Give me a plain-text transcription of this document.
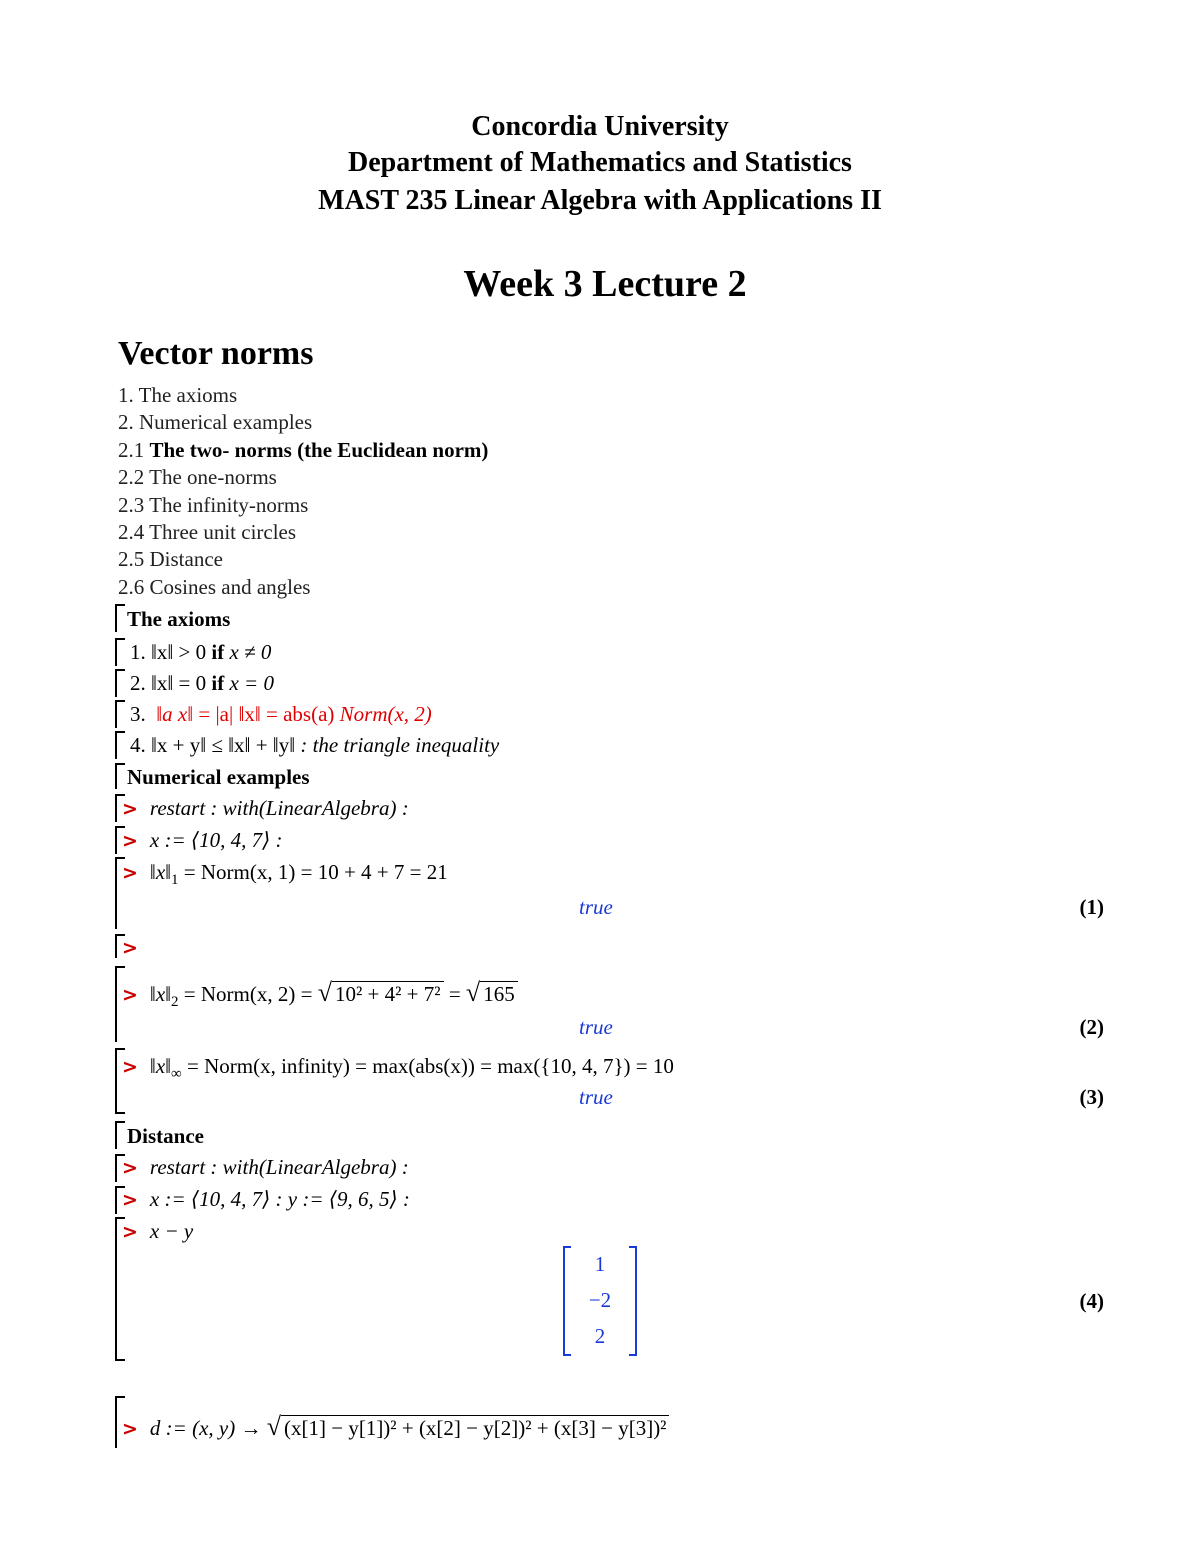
Concordia University
Department of Mathematics and Statistics
MAST 235 Linear Algebra with Applications II
Week 3 Lecture 2
Vector norms
1. The axioms
2. Numerical examples
2.1 The two- norms (the Euclidean norm)
2.2 The one-norms
2.3 The infinity-norms
2.4 Three unit circles
2.5 Distance
2.6 Cosines and angles
The axioms
1. ‖x‖ > 0 if x ≠ 0
2. ‖x‖ = 0 if x = 0
3. ‖a x‖ = |a| ‖x‖ = abs(a) Norm(x, 2)
4. ‖x + y‖ ≤ ‖x‖ + ‖y‖ : the triangle inequality
Numerical examples
> restart : with(LinearAlgebra) :
> x := ⟨10, 4, 7⟩ :
> $‖x‖_1$ = Norm(x, 1) = 10 + 4 + 7 = 21
true	(1)
>
> $‖x‖_2$ = Norm(x, 2) = √ 10² + 4² + 7² = √ 165
true	(2)
> $‖x‖_\infty$ = Norm(x, infinity) = max(abs(x)) = max({10, 4, 7}) = 10
true	(3)
Distance
> restart : with(LinearAlgebra) :
> x := ⟨10, 4, 7⟩ : y := ⟨9, 6, 5⟩ :
> x − y
1
−2
2
(4)
> d := (x, y) → √ (x[1] − y[1])² + (x[2] − y[2])² + (x[3] − y[3])²
